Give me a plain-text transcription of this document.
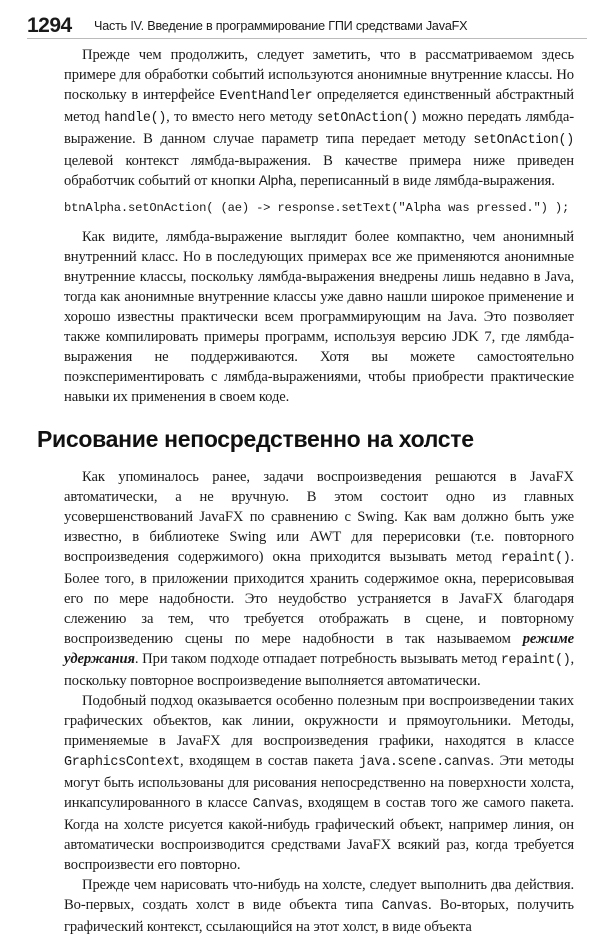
1294 Часть IV. Введение в программирование ГПИ средствами JavaFX

Прежде чем продолжить, следует заметить, что в рассматриваемом здесь примере для обработки событий используются анонимные внутренние классы. Но поскольку в интерфейсе EventHandler определяется единственный абстрактный метод handle(), то вместо него методу setOnAction() можно передать лямбда-выражение. В данном случае параметр типа передает методу setOnAction() целевой контекст лямбда-выражения. В качестве примера ниже приведен обработчик событий от кнопки Alpha, переписанный в виде лямбда-выражения.

btnAlpha.setOnAction( (ae) -> response.setText("Alpha was pressed.") );

Как видите, лямбда-выражение выглядит более компактно, чем анонимный внутренний класс. Но в последующих примерах все же применяются анонимные внутренние классы, поскольку лямбда-выражения внедрены лишь недавно в Java, тогда как анонимные внутренние классы уже давно нашли широкое применение и хорошо известны практически всем программирующим на Java. Это позволяет также компилировать примеры программ, используя версию JDK 7, где лямбда-выражения не поддерживаются. Хотя вы можете самостоятельно поэкспериментировать с лямбда-выражениями, чтобы приобрести практические навыки их применения в своем коде.

Рисование непосредственно на холсте

Как упоминалось ранее, задачи воспроизведения решаются в JavaFX автоматически, а не вручную. В этом состоит одно из главных усовершенствований JavaFX по сравнению с Swing. Как вам должно быть уже известно, в библиотеке Swing или AWT для перерисовки (т.е. повторного воспроизведения содержимого) окна приходится вызывать метод repaint(). Более того, в приложении приходится хранить содержимое окна, перерисовывая его по мере надобности. Это неудобство устраняется в JavaFX благодаря слежению за тем, что требуется отображать в сцене, и повторному воспроизведению сцены по мере надобности в так называемом режиме удержания. При таком подходе отпадает потребность вызывать метод repaint(), поскольку повторное воспроизведение выполняется автоматически.

Подобный подход оказывается особенно полезным при воспроизведении таких графических объектов, как линии, окружности и прямоугольники. Методы, применяемые в JavaFX для воспроизведения графики, находятся в классе GraphicsContext, входящем в состав пакета java.scene.canvas. Эти методы могут быть использованы для рисования непосредственно на поверхности холста, инкапсулированного в классе Canvas, входящем в состав того же самого пакета. Когда на холсте рисуется какой-нибудь графический объект, например линия, он автоматически воспроизводится средствами JavaFX всякий раз, когда требуется воспроизвести его повторно.

Прежде чем нарисовать что-нибудь на холсте, следует выполнить два действия. Во-первых, создать холст в виде объекта типа Canvas. Во-вторых, получить графический контекст, ссылающийся на этот холст, в виде объекта
